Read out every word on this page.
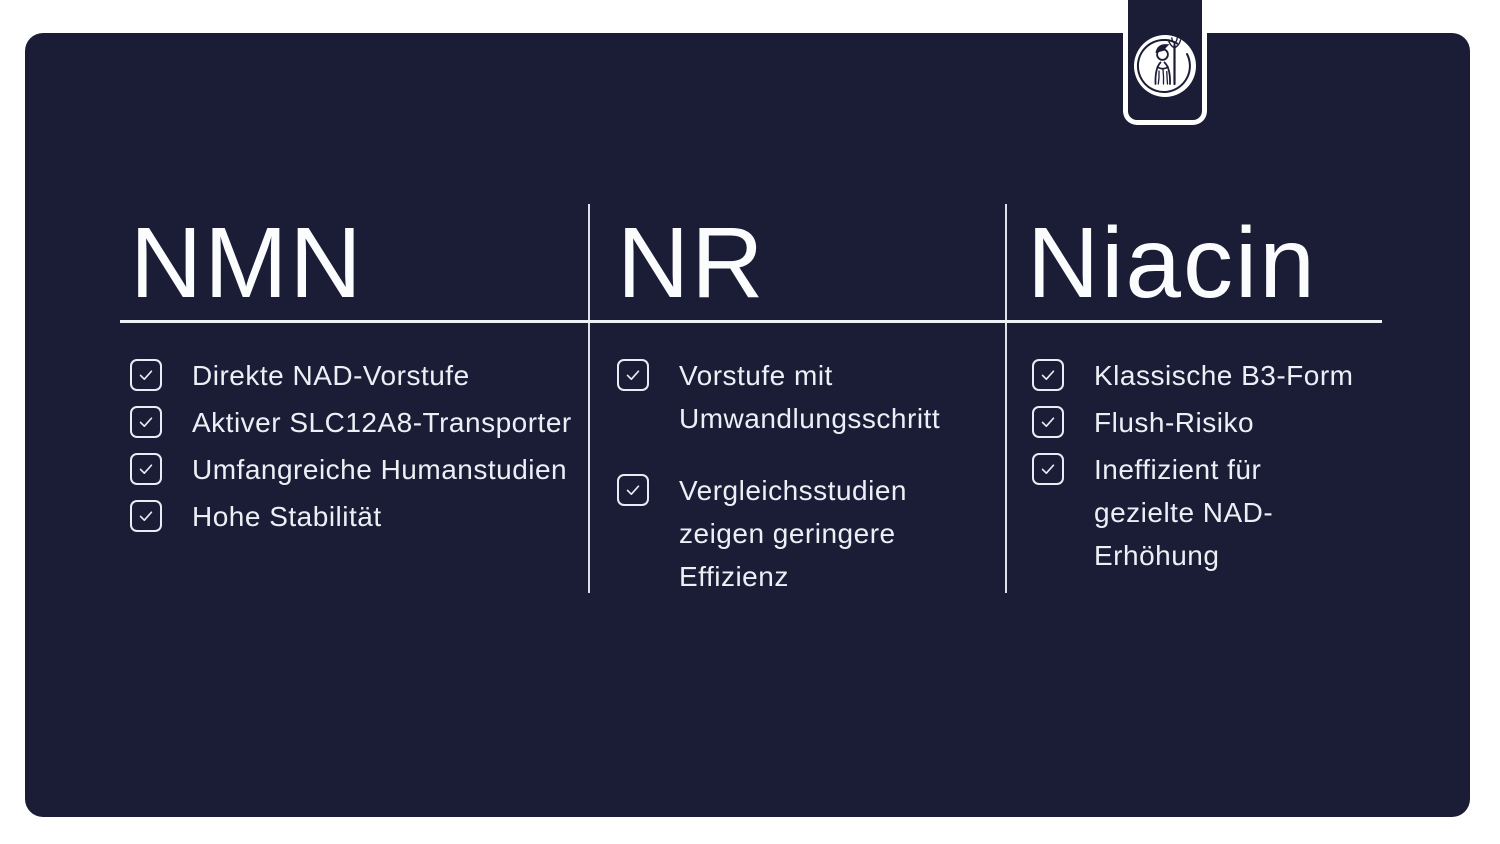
NMN	NR	Niacin
Direkte NAD-Vorstufe
Aktiver SLC12A8-Transporter
Umfangreiche Humanstudien
Hohe Stabilität
Vorstufe mit Umwandlungsschritt
Vergleichsstudien zeigen geringere Effizienz
Klassische B3-Form
Flush-Risiko
Ineffizient für gezielte NAD-Erhöhung
